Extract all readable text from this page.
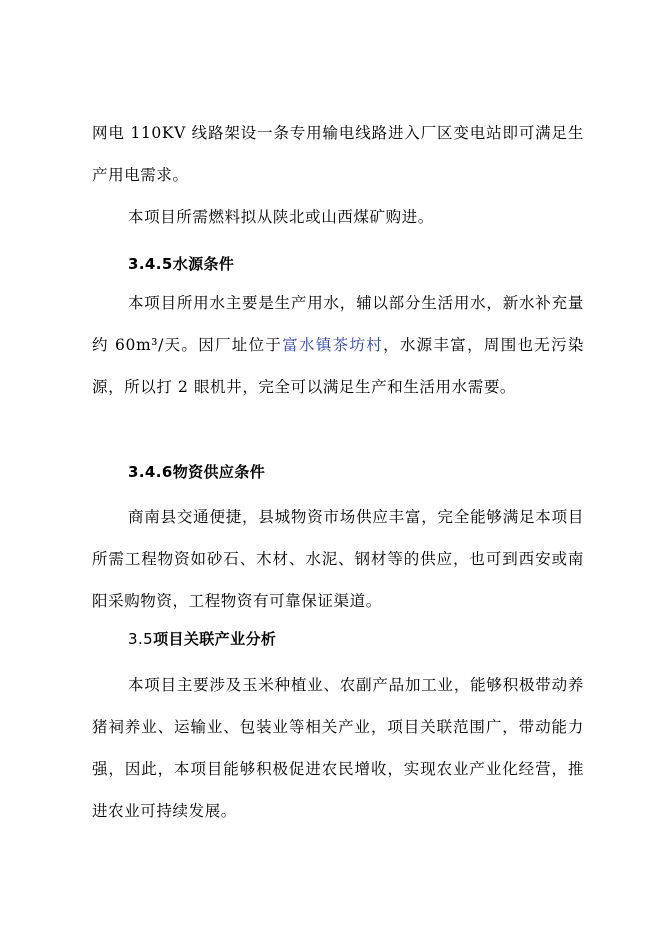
网电 110KV 线路架设一条专用输电线路进入厂区变电站即可满足生产用电需求。

本项目所需燃料拟从陕北或山西煤矿购进。

3.4.5水源条件

本项目所用水主要是生产用水，辅以部分生活用水，新水补充量约 60m³/天。因厂址位于富水镇茶坊村，水源丰富，周围也无污染源，所以打 2 眼机井，完全可以满足生产和生活用水需要。

3.4.6物资供应条件

商南县交通便捷，县城物资市场供应丰富，完全能够满足本项目所需工程物资如砂石、木材、水泥、钢材等的供应，也可到西安或南阳采购物资，工程物资有可靠保证渠道。

3.5项目关联产业分析

本项目主要涉及玉米种植业、农副产品加工业，能够积极带动养猪祠养业、运输业、包装业等相关产业，项目关联范围广，带动能力强，因此，本项目能够积极促进农民增收，实现农业产业化经营，推进农业可持续发展。
